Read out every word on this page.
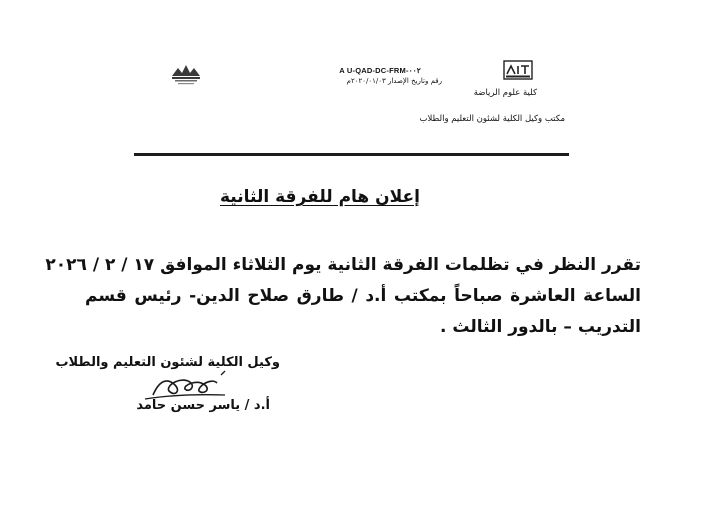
A U-QAD-DC-FRM-٠٠٢
رقم وتاريخ الإصدار ٢٠٢٠/٠١/٠٣م
كلية علوم الرياضة
مكتب وكيل الكلية لشئون التعليم والطلاب
إعلان هام للفرقة الثانية
تقرر النظر في تظلمات الفرقة الثانية يوم الثلاثاء الموافق ١٧ / ٢ / ٢٠٢٦
الساعة العاشرة صباحاً بمكتب أ.د / طارق صلاح الدين- رئيس قسم
التدريب – بالدور الثالث .
وكيل الكلية لشئون التعليم والطلاب
أ.د / ياسر حسن حامد
